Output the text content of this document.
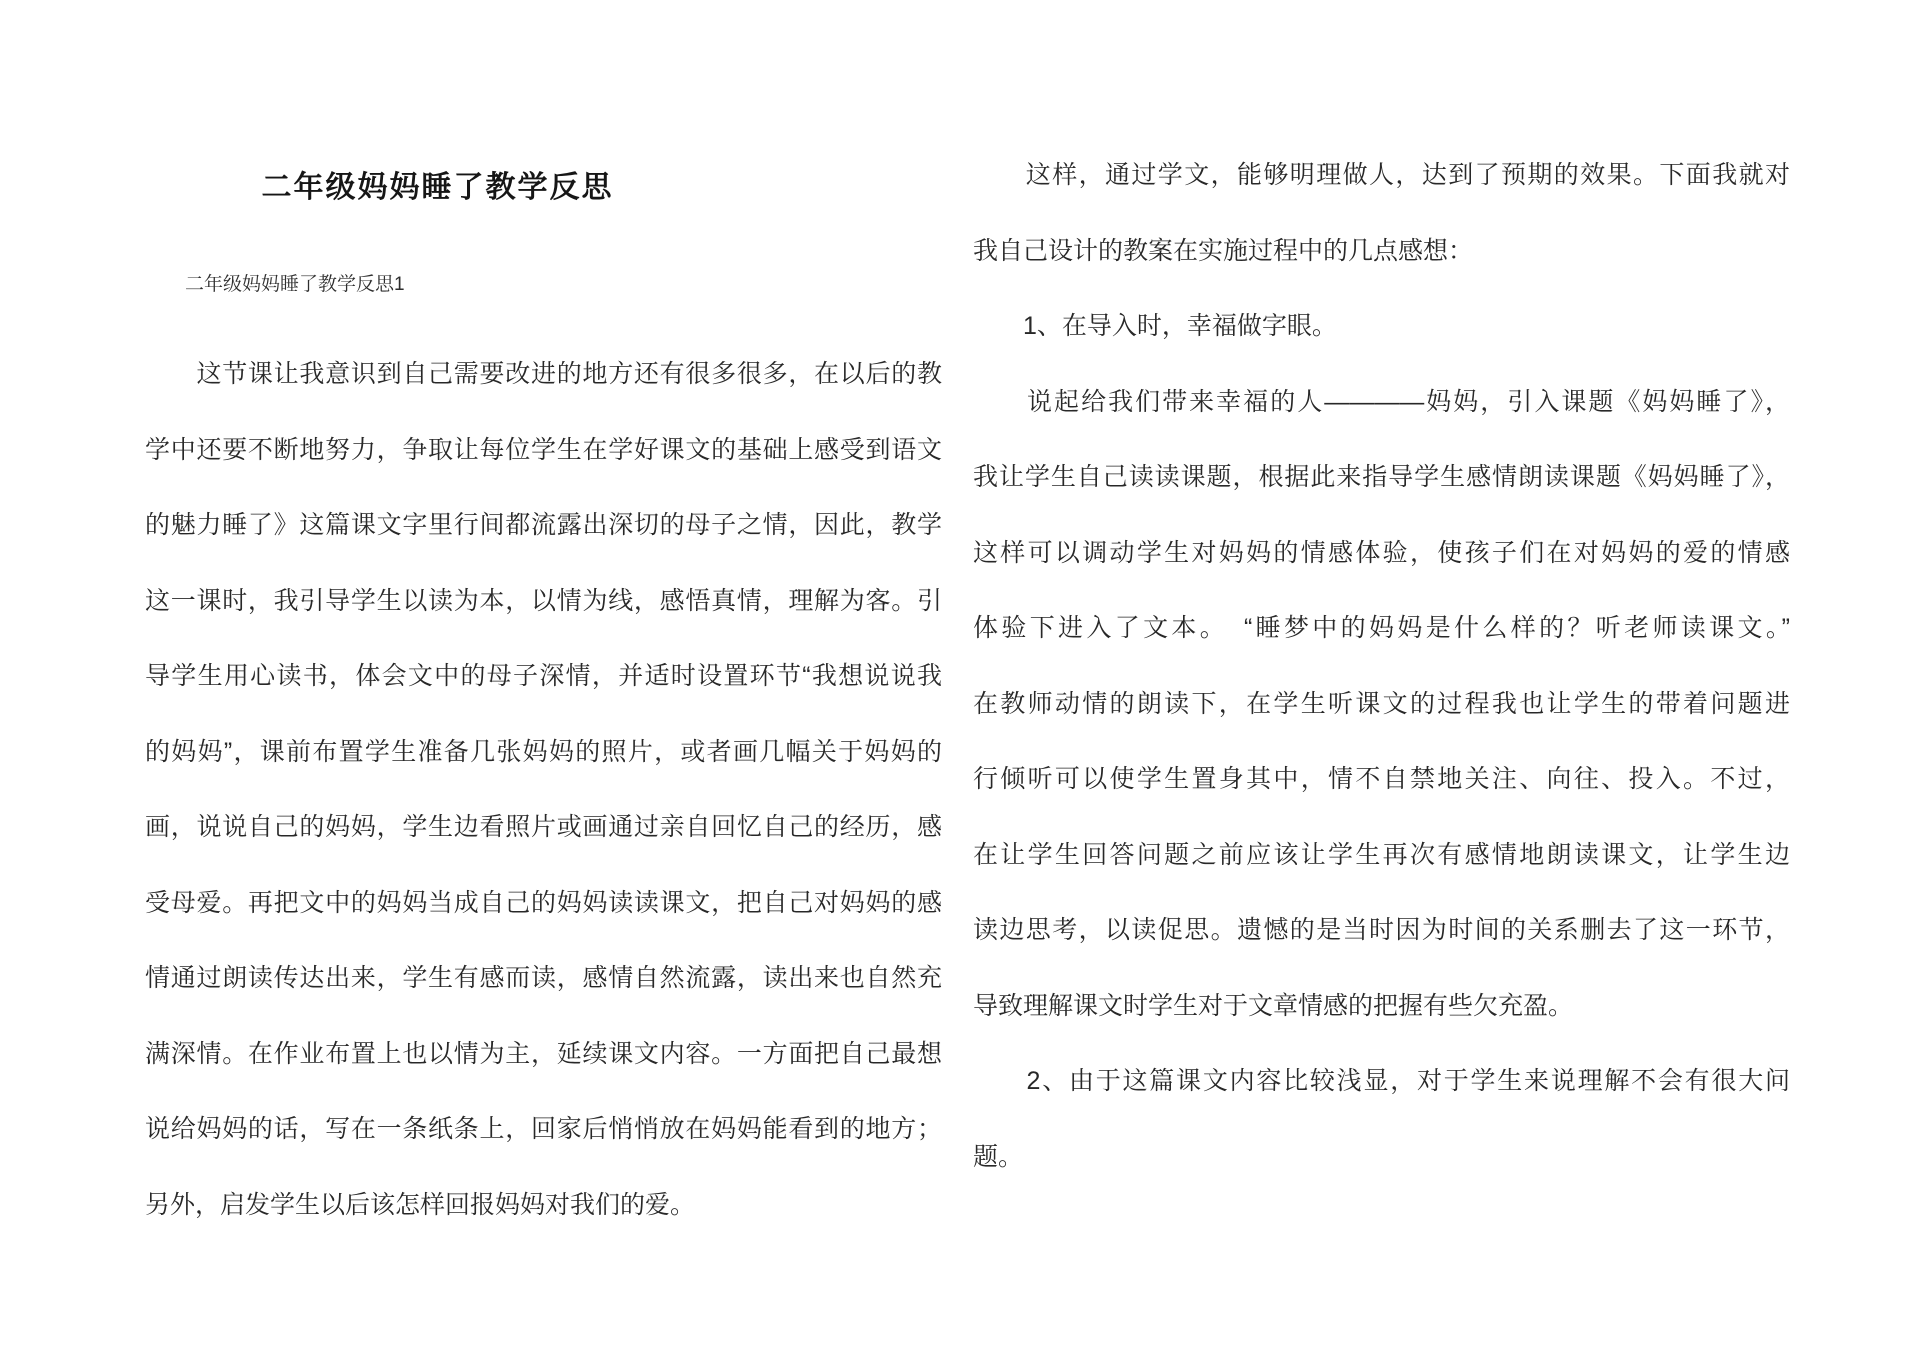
二年级妈妈睡了教学反思
二年级妈妈睡了教学反思1
　　这节课让我意识到自己需要改进的地方还有很多很多，在以后的教
学中还要不断地努力，争取让每位学生在学好课文的基础上感受到语文
的魅力睡了》这篇课文字里行间都流露出深切的母子之情，因此，教学
这一课时，我引导学生以读为本，以情为线，感悟真情，理解为客。引
导学生用心读书，体会文中的母子深情，并适时设置环节“我想说说我
的妈妈”，课前布置学生准备几张妈妈的照片，或者画几幅关于妈妈的
画，说说自己的妈妈，学生边看照片或画通过亲自回忆自己的经历，感
受母爱。再把文中的妈妈当成自己的妈妈读读课文，把自己对妈妈的感
情通过朗读传达出来，学生有感而读，感情自然流露，读出来也自然充
满深情。在作业布置上也以情为主，延续课文内容。一方面把自己最想
说给妈妈的话，写在一条纸条上，回家后悄悄放在妈妈能看到的地方；
另外，启发学生以后该怎样回报妈妈对我们的爱。
　　这样，通过学文，能够明理做人，达到了预期的效果。下面我就对
我自己设计的教案在实施过程中的几点感想：
　　1、在导入时，幸福做字眼。
　　说起给我们带来幸福的人————妈妈，引入课题《妈妈睡了》，
我让学生自己读读课题，根据此来指导学生感情朗读课题《妈妈睡了》，
这样可以调动学生对妈妈的情感体验，使孩子们在对妈妈的爱的情感
体验下进入了文本。　“睡梦中的妈妈是什么样的？听老师读课文。”
在教师动情的朗读下，在学生听课文的过程我也让学生的带着问题进
行倾听可以使学生置身其中，情不自禁地关注、向往、投入。不过，
在让学生回答问题之前应该让学生再次有感情地朗读课文，让学生边
读边思考，以读促思。遗憾的是当时因为时间的关系删去了这一环节，
导致理解课文时学生对于文章情感的把握有些欠充盈。
　　2、由于这篇课文内容比较浅显，对于学生来说理解不会有很大问
题。
